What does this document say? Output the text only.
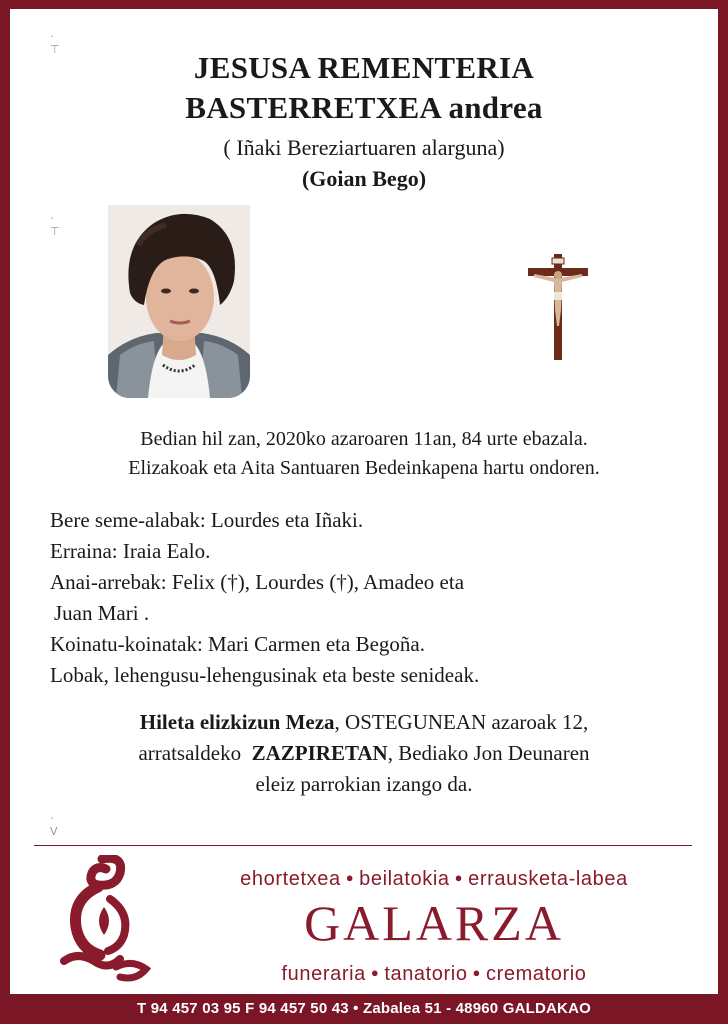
·
⊤
·
⊤
·
V
JESUSA REMENTERIA
BASTERRETXEA andrea
( Iñaki Bereziartuaren alarguna)
(Goian Bego)
Bedian hil zan, 2020ko azaroaren 11an, 84 urte ebazala.
Elizakoak eta Aita Santuaren Bedeinkapena hartu ondoren.
Bere seme-alabak: Lourdes eta Iñaki.
Erraina: Iraia Ealo.
Anai-arrebak: Felix (†), Lourdes (†), Amadeo eta
Juan Mari .
Koinatu-koinatak: Mari Carmen eta Begoña.
Lobak, lehengusu-lehengusinak eta beste senideak.
Hileta elizkizun Meza, OSTEGUNEAN azaroak 12,
arratsaldeko  ZAZPIRETAN, Bediako Jon Deunaren
eleiz parrokian izango da.
ehortetxea ● beilatokia ● errausketa-labea
GALARZA
funeraria ● tanatorio ● crematorio
T 94 457 03 95 F 94 457 50 43 • Zabalea 51 - 48960 GALDAKAO
